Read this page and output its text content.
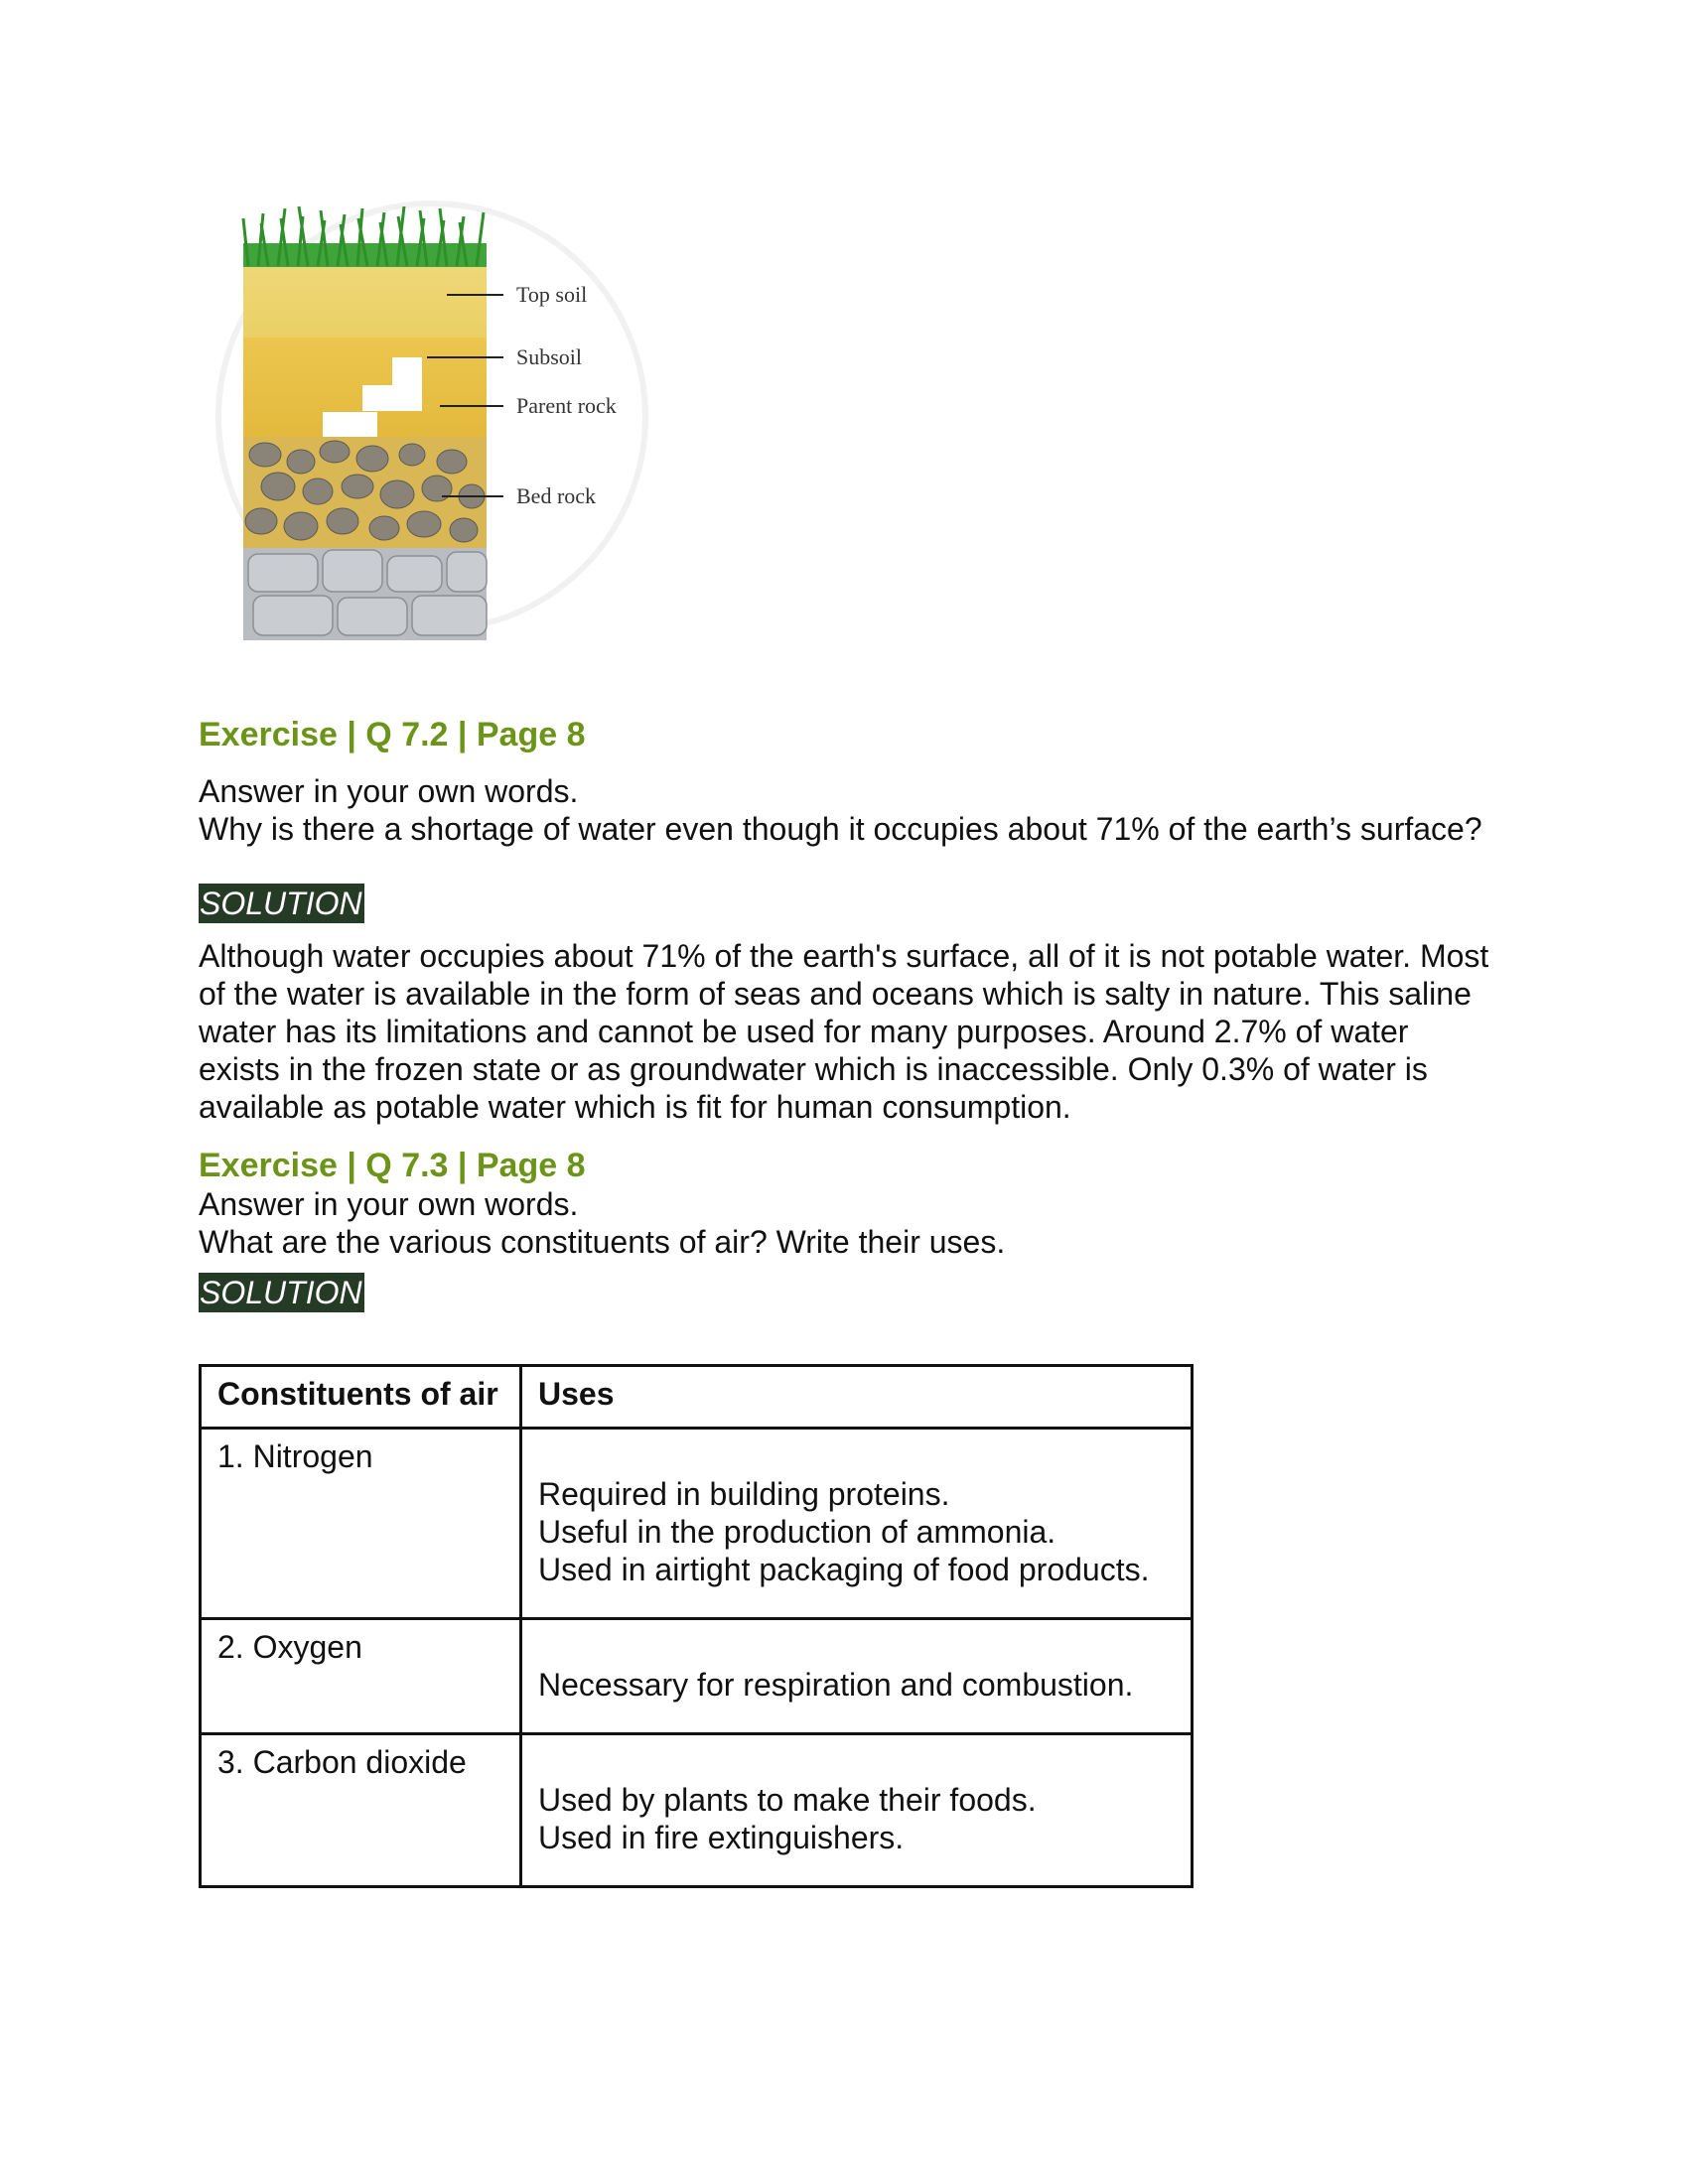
Top soil
Subsoil
Parent rock
Bed rock

Exercise | Q 7.2 | Page 8

Answer in your own words.

Why is there a shortage of water even though it occupies about 71% of the earth’s surface?

SOLUTION

Although water occupies about 71% of the earth's surface, all of it is not potable water. Most of the water is available in the form of seas and oceans which is salty in nature. This saline water has its limitations and cannot be used for many purposes. Around 2.7% of water exists in the frozen state or as groundwater which is inaccessible. Only 0.3% of water is available as potable water which is fit for human consumption.

Exercise | Q 7.3 | Page 8

Answer in your own words.

What are the various constituents of air? Write their uses.

SOLUTION
Constituents of air	Uses
1. Nitrogen	Required in building proteins.
Useful in the production of ammonia.
Used in airtight packaging of food products.

2. Oxygen	Necessary for respiration and combustion.

3. Carbon dioxide	Used by plants to make their foods.
Used in fire extinguishers.
